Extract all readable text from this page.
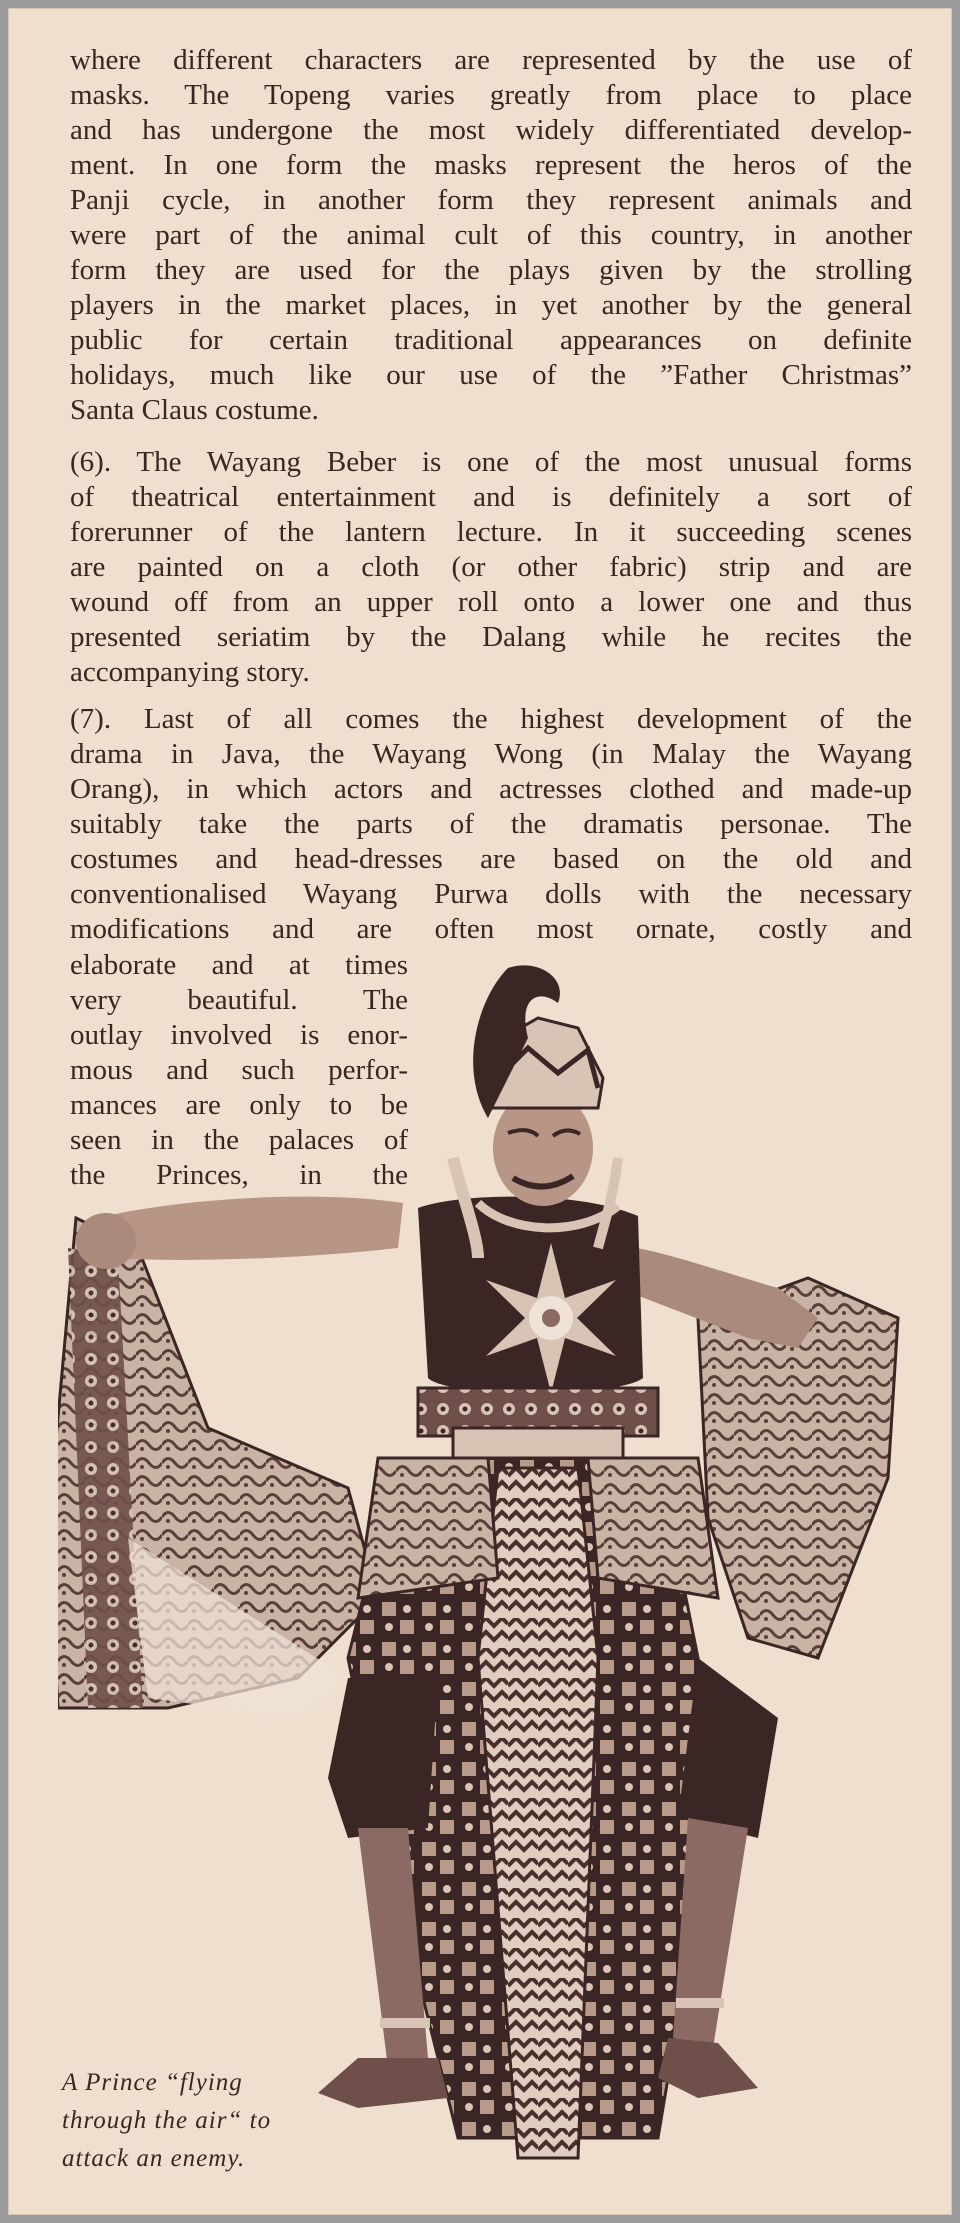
where different characters are represented by the use of
masks. The Topeng varies greatly from place to place
and has undergone the most widely differentiated develop-
ment. In one form the masks represent the heros of the
Panji cycle, in another form they represent animals and
were part of the animal cult of this country, in another
form they are used for the plays given by the strolling
players in the market places, in yet another by the general
public for certain traditional appearances on definite
holidays, much like our use of the ”Father Christmas”
Santa Claus costume.

(6). The Wayang Beber is one of the most unusual forms
of theatrical entertainment and is definitely a sort of
forerunner of the lantern lecture. In it succeeding scenes
are painted on a cloth (or other fabric) strip and are
wound off from an upper roll onto a lower one and thus
presented seriatim by the Dalang while he recites the
accompanying story.

(7). Last of all comes the highest development of the
drama in Java, the Wayang Wong (in Malay the Wayang
Orang), in which actors and actresses clothed and made-up
suitably take the parts of the dramatis personae. The
costumes and head-dresses are based on the old and
conventionalised Wayang Purwa dolls with the necessary
modifications and are often most ornate, costly and

elaborate and at times
very beautiful. The
outlay involved is enor-
mous and such perfor-
mances are only to be
seen in the palaces of
the Princes, in the

A Prince “flying
through the air“ to
attack an enemy.
